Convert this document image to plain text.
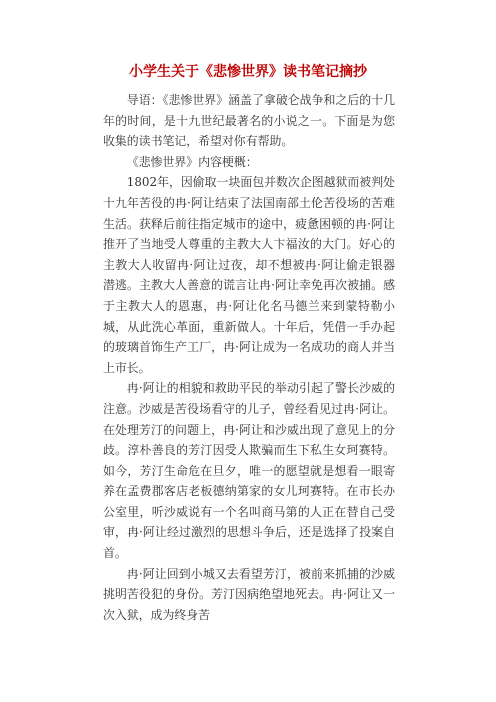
小学生关于《悲惨世界》读书笔记摘抄

导语：《悲惨世界》涵盖了拿破仑战争和之后的十几年的时间，是十九世纪最著名的小说之一。下面是为您收集的读书笔记，希望对你有帮助。

《悲惨世界》内容梗概：

1802年，因偷取一块面包并数次企图越狱而被判处十九年苦役的冉·阿让结束了法国南部土伦苦役场的苦难生活。获释后前往指定城市的途中，疲惫困顿的冉·阿让推开了当地受人尊重的主教大人卞福汝的大门。好心的主教大人收留冉·阿让过夜，却不想被冉·阿让偷走银器潜逃。主教大人善意的谎言让冉·阿让幸免再次被捕。感于主教大人的恩惠，冉·阿让化名马德兰来到蒙特勒小城，从此洗心革面，重新做人。十年后，凭借一手办起的玻璃首饰生产工厂，冉·阿让成为一名成功的商人并当上市长。

冉·阿让的相貌和救助平民的举动引起了警长沙威的注意。沙威是苦役场看守的儿子，曾经看见过冉·阿让。在处理芳汀的问题上，冉·阿让和沙威出现了意见上的分歧。淳朴善良的芳汀因受人欺骗而生下私生女珂赛特。如今，芳汀生命危在旦夕，唯一的愿望就是想看一眼寄养在孟费郡客店老板德纳第家的女儿珂赛特。在市长办公室里，听沙威说有一个名叫商马第的人正在替自己受审，冉·阿让经过激烈的思想斗争后，还是选择了投案自首。

冉·阿让回到小城又去看望芳汀，被前来抓捕的沙威挑明苦役犯的身份。芳汀因病绝望地死去。冉·阿让又一次入狱，成为终身苦
